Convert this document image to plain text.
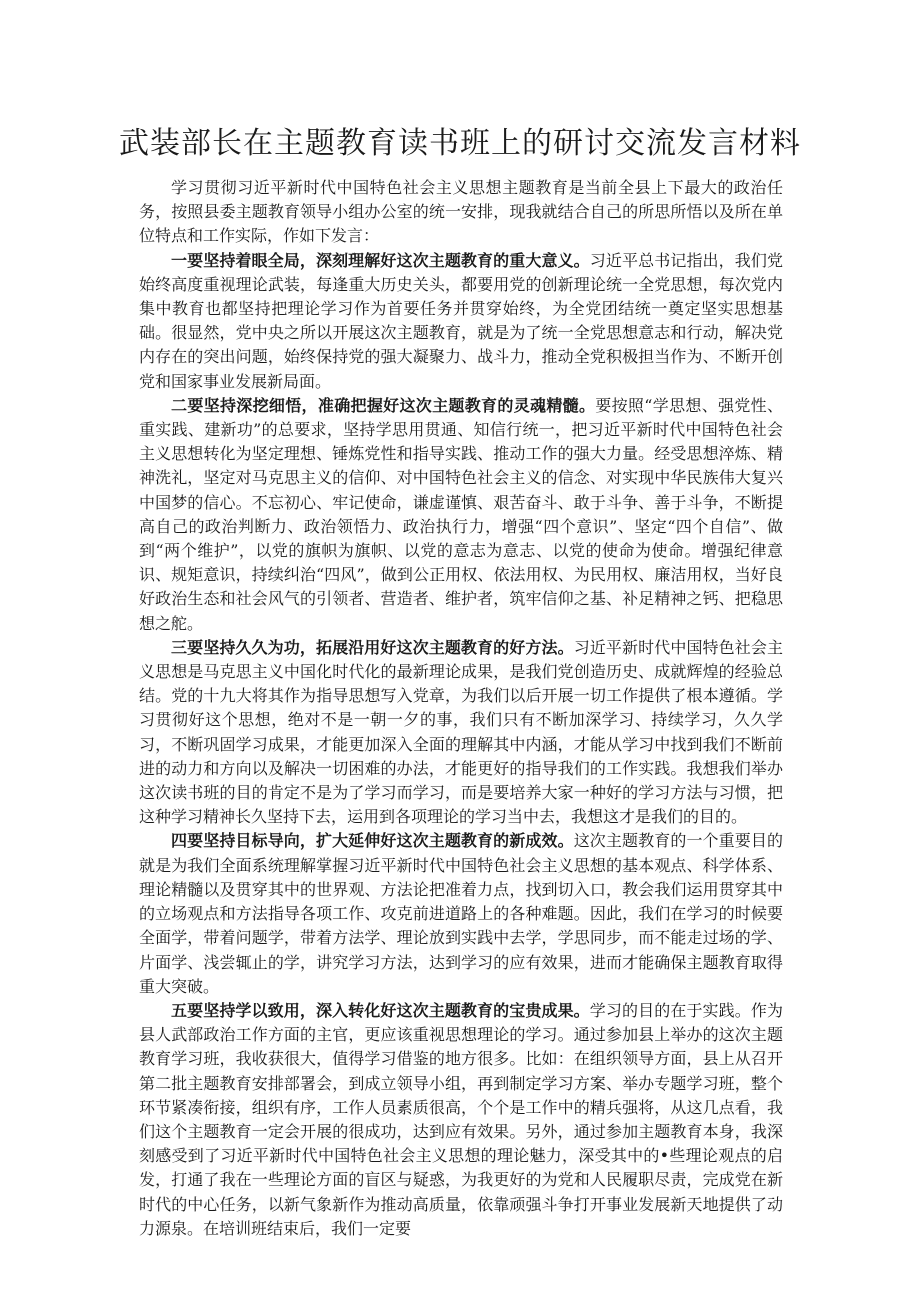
武装部长在主题教育读书班上的研讨交流发言材料

学习贯彻习近平新时代中国特色社会主义思想主题教育是当前全县上下最大的政治任务，按照县委主题教育领导小组办公室的统一安排，现我就结合自己的所思所悟以及所在单位特点和工作实际，作如下发言：

一要坚持着眼全局，深刻理解好这次主题教育的重大意义。习近平总书记指出，我们党始终高度重视理论武装，每逢重大历史关头，都要用党的创新理论统一全党思想，每次党内集中教育也都坚持把理论学习作为首要任务并贯穿始终，为全党团结统一奠定坚实思想基础。很显然，党中央之所以开展这次主题教育，就是为了统一全党思想意志和行动，解决党内存在的突出问题，始终保持党的强大凝聚力、战斗力，推动全党积极担当作为、不断开创党和国家事业发展新局面。

二要坚持深挖细悟，准确把握好这次主题教育的灵魂精髓。要按照“学思想、强党性、重实践、建新功”的总要求，坚持学思用贯通、知信行统一，把习近平新时代中国特色社会主义思想转化为坚定理想、锤炼党性和指导实践、推动工作的强大力量。经受思想淬炼、精神洗礼，坚定对马克思主义的信仰、对中国特色社会主义的信念、对实现中华民族伟大复兴中国梦的信心。不忘初心、牢记使命，谦虚谨慎、艰苦奋斗、敢于斗争、善于斗争，不断提高自己的政治判断力、政治领悟力、政治执行力，增强“四个意识”、坚定“四个自信”、做到“两个维护”，以党的旗帜为旗帜、以党的意志为意志、以党的使命为使命。增强纪律意识、规矩意识，持续纠治“四风”，做到公正用权、依法用权、为民用权、廉洁用权，当好良好政治生态和社会风气的引领者、营造者、维护者，筑牢信仰之基、补足精神之钙、把稳思想之舵。

三要坚持久久为功，拓展沿用好这次主题教育的好方法。习近平新时代中国特色社会主义思想是马克思主义中国化时代化的最新理论成果，是我们党创造历史、成就辉煌的经验总结。党的十九大将其作为指导思想写入党章，为我们以后开展一切工作提供了根本遵循。学习贯彻好这个思想，绝对不是一朝一夕的事，我们只有不断加深学习、持续学习，久久学习，不断巩固学习成果，才能更加深入全面的理解其中内涵，才能从学习中找到我们不断前进的动力和方向以及解决一切困难的办法，才能更好的指导我们的工作实践。我想我们举办这次读书班的目的肯定不是为了学习而学习，而是要培养大家一种好的学习方法与习惯，把这种学习精神长久坚持下去，运用到各项理论的学习当中去，我想这才是我们的目的。

四要坚持目标导向，扩大延伸好这次主题教育的新成效。这次主题教育的一个重要目的就是为我们全面系统理解掌握习近平新时代中国特色社会主义思想的基本观点、科学体系、理论精髓以及贯穿其中的世界观、方法论把准着力点，找到切入口，教会我们运用贯穿其中的立场观点和方法指导各项工作、攻克前进道路上的各种难题。因此，我们在学习的时候要全面学，带着问题学，带着方法学、理论放到实践中去学，学思同步，而不能走过场的学、片面学、浅尝辄止的学，讲究学习方法，达到学习的应有效果，进而才能确保主题教育取得重大突破。

五要坚持学以致用，深入转化好这次主题教育的宝贵成果。学习的目的在于实践。作为县人武部政治工作方面的主官，更应该重视思想理论的学习。通过参加县上举办的这次主题教育学习班，我收获很大，值得学习借鉴的地方很多。比如：在组织领导方面，县上从召开第二批主题教育安排部署会，到成立领导小组，再到制定学习方案、举办专题学习班，整个环节紧凑衔接，组织有序，工作人员素质很高，个个是工作中的精兵强将，从这几点看，我们这个主题教育一定会开展的很成功，达到应有效果。另外，通过参加主题教育本身，我深刻感受到了习近平新时代中国特色社会主义思想的理论魅力，深受其中的•些理论观点的启发，打通了我在一些理论方面的盲区与疑惑，为我更好的为党和人民履职尽责，完成党在新时代的中心任务，以新气象新作为推动高质量，依靠顽强斗争打开事业发展新天地提供了动力源泉。在培训班结束后，我们一定要
